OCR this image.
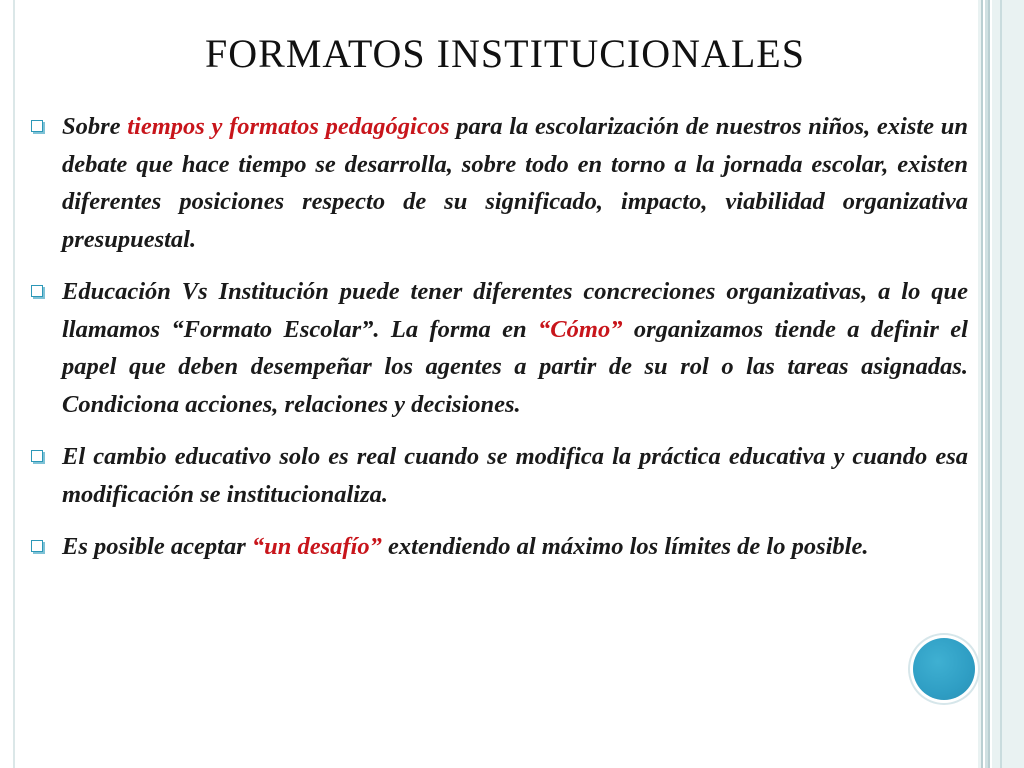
FORMATOS INSTITUCIONALES

Sobre tiempos y formatos pedagógicos para la escolarización de nuestros niños, existe un debate que hace tiempo se desarrolla, sobre todo en torno a la jornada escolar, existen diferentes posiciones respecto de su significado, impacto, viabilidad organizativa presupuestal.

Educación Vs Institución puede tener diferentes concreciones organizativas, a lo que llamamos “Formato Escolar”. La forma en “Cómo” organizamos tiende a definir el papel que deben desempeñar los agentes a partir de su rol o las tareas asignadas. Condiciona acciones, relaciones y decisiones.

El cambio educativo solo es real cuando se modifica la práctica educativa y cuando esa modificación se institucionaliza.

Es posible aceptar “un desafío” extendiendo al máximo los límites de lo posible.
